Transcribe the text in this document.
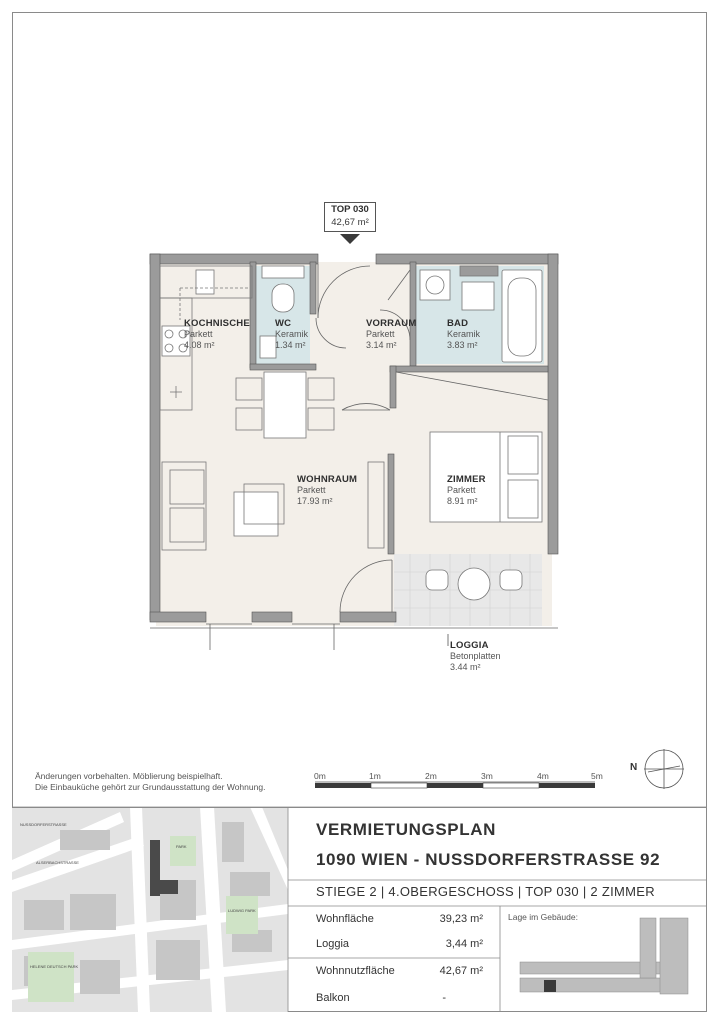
NUSSDORFERSTRASSE
ALSERBACHSTRASSE
PARK
LUDWIG PARK
HELENE DEUTSCH PARK
TOP 030
42,67 m²
KOCHNISCHE
Parkett
4.08 m²
WC
Keramik
1.34 m²
VORRAUM
Parkett
3.14 m²
BAD
Keramik
3.83 m²
WOHNRAUM
Parkett
17.93 m²
ZIMMER
Parkett
8.91 m²
LOGGIA
Betonplatten
3.44 m²
Änderungen vorbehalten. Möblierung beispielhaft.
Die Einbauküche gehört zur Grundausstattung der Wohnung.
0m	1m	2m	3m	4m	5m
N
VERMIETUNGSPLAN
1090 WIEN - NUSSDORFERSTRASSE 92
STIEGE 2 | 4.OBERGESCHOSS | TOP 030 | 2 ZIMMER
Wohnfläche	39,23 m²
Loggia	3,44 m²
Wohnnutzfläche	42,67 m²
Balkon	-
Lage im Gebäude:
